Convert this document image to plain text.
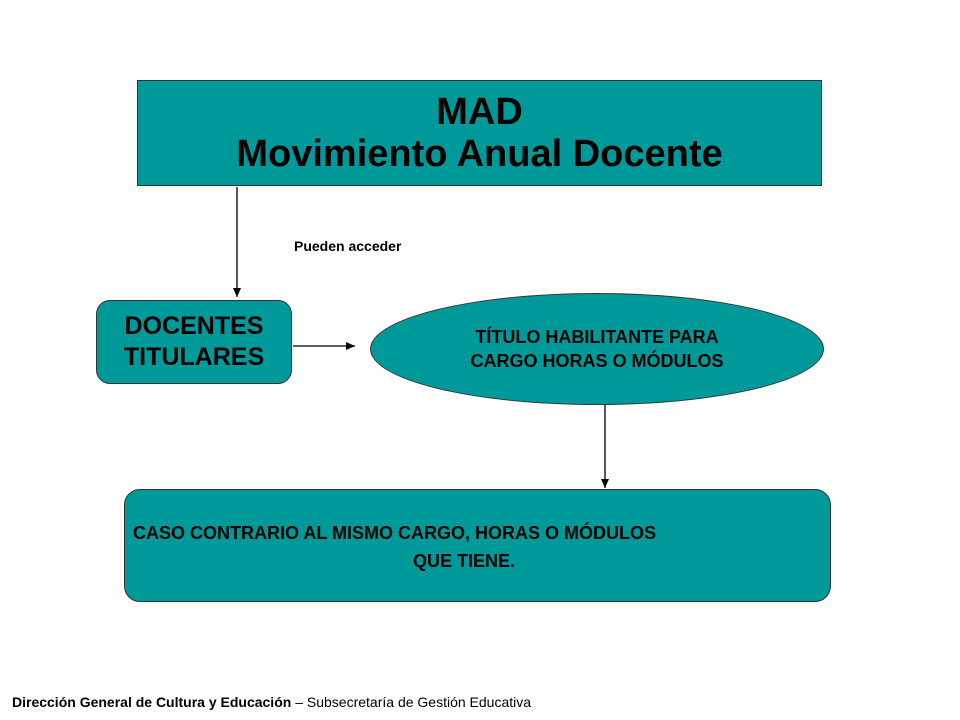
MAD
Movimiento Anual Docente
Pueden acceder
DOCENTES
TITULARES
TÍTULO HABILITANTE PARA
CARGO HORAS O MÓDULOS
CASO CONTRARIO AL MISMO CARGO, HORAS O MÓDULOS
QUE TIENE.
Dirección General de Cultura y Educación – Subsecretaría de Gestión Educativa
